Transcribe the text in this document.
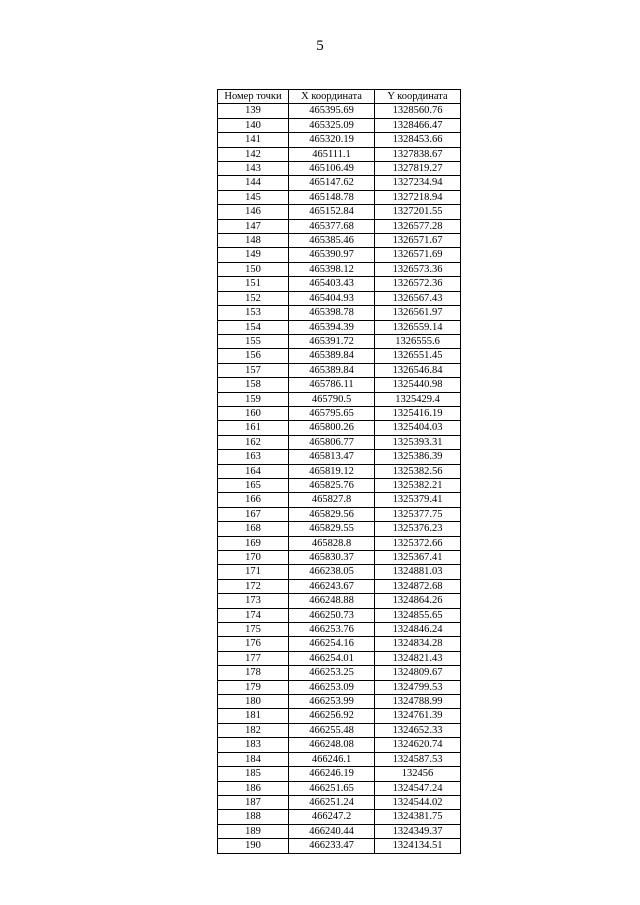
5
Номер точки	X координата	Y координата
139	465395.69	1328560.76
140	465325.09	1328466.47
141	465320.19	1328453.66
142	465111.1	1327838.67
143	465106.49	1327819.27
144	465147.62	1327234.94
145	465148.78	1327218.94
146	465152.84	1327201.55
147	465377.68	1326577.28
148	465385.46	1326571.67
149	465390.97	1326571.69
150	465398.12	1326573.36
151	465403.43	1326572.36
152	465404.93	1326567.43
153	465398.78	1326561.97
154	465394.39	1326559.14
155	465391.72	1326555.6
156	465389.84	1326551.45
157	465389.84	1326546.84
158	465786.11	1325440.98
159	465790.5	1325429.4
160	465795.65	1325416.19
161	465800.26	1325404.03
162	465806.77	1325393.31
163	465813.47	1325386.39
164	465819.12	1325382.56
165	465825.76	1325382.21
166	465827.8	1325379.41
167	465829.56	1325377.75
168	465829.55	1325376.23
169	465828.8	1325372.66
170	465830.37	1325367.41
171	466238.05	1324881.03
172	466243.67	1324872.68
173	466248.88	1324864.26
174	466250.73	1324855.65
175	466253.76	1324846.24
176	466254.16	1324834.28
177	466254.01	1324821.43
178	466253.25	1324809.67
179	466253.09	1324799.53
180	466253.99	1324788.99
181	466256.92	1324761.39
182	466255.48	1324652.33
183	466248.08	1324620.74
184	466246.1	1324587.53
185	466246.19	132456
186	466251.65	1324547.24
187	466251.24	1324544.02
188	466247.2	1324381.75
189	466240.44	1324349.37
190	466233.47	1324134.51
